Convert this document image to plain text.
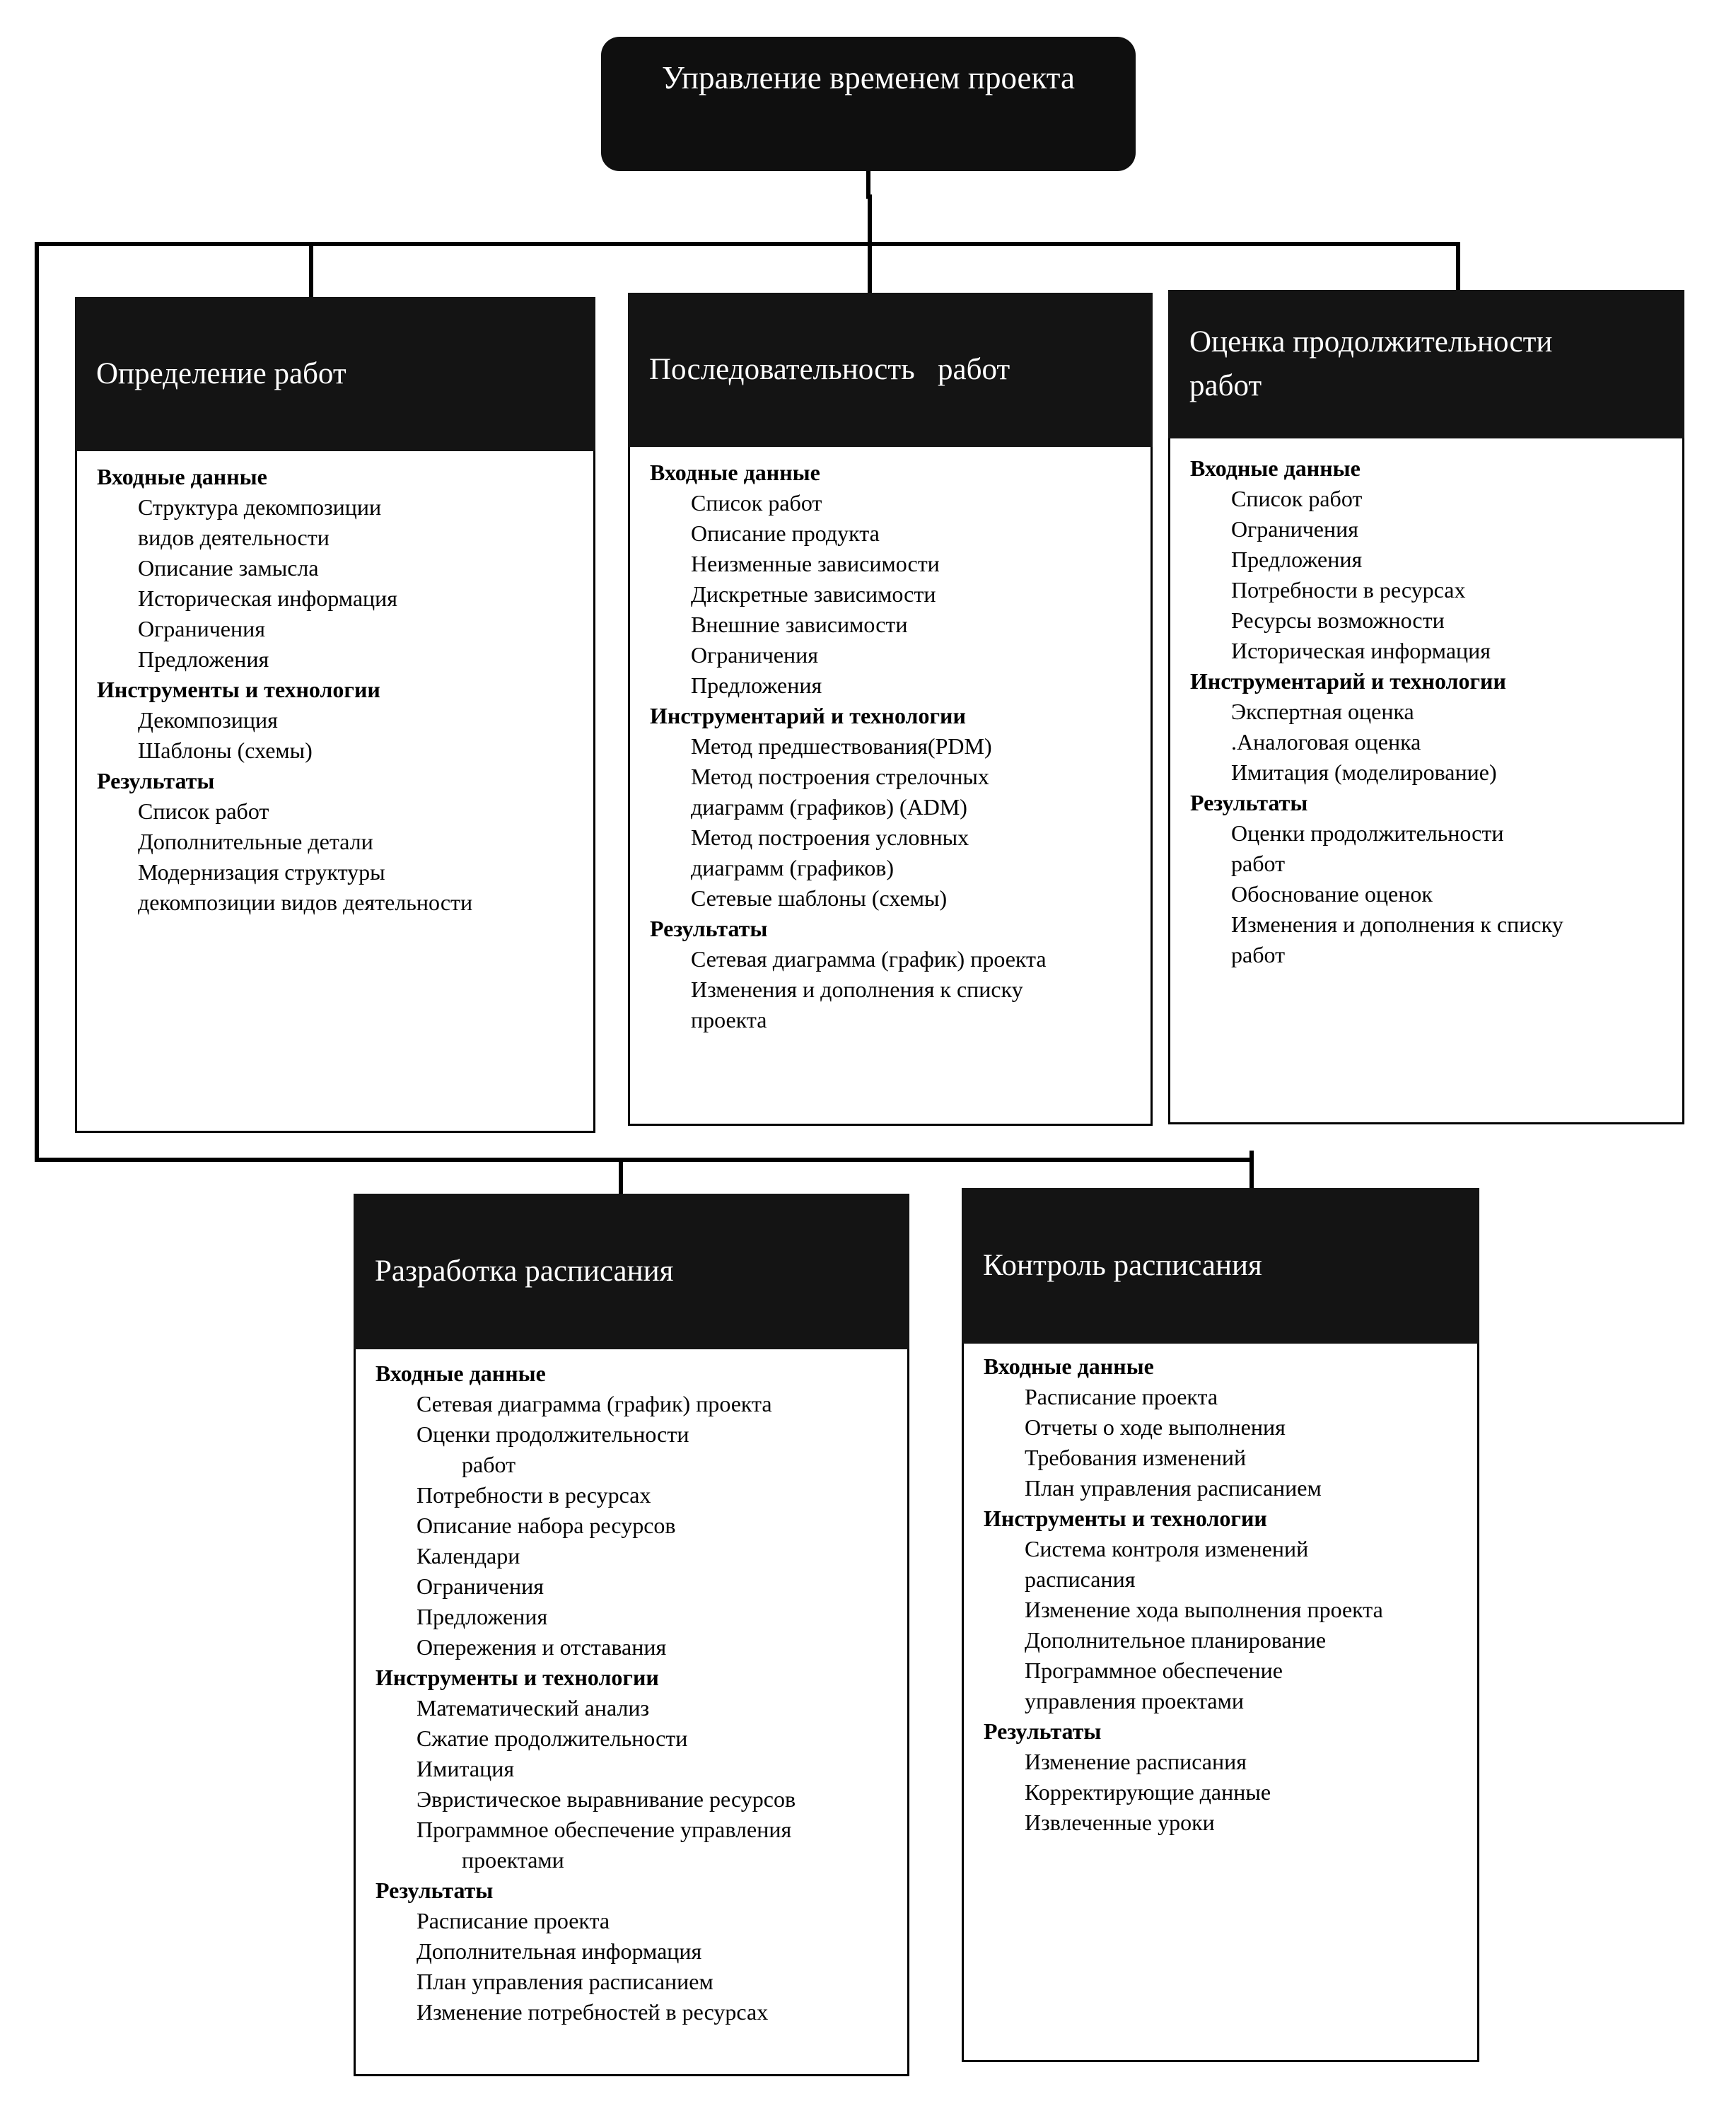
Управление временем проекта
Определение работ
Входные данные
Структура декомпозиции
видов деятельности
Описание замысла
Историческая информация
Ограничения
Предложения
Инструменты и технологии
Декомпозиция
Шаблоны (схемы)
Результаты
Список работ
Дополнительные детали
Модернизация структуры
декомпозиции видов деятельности

Последовательность   работ

Входные данные
Список работ
Описание продукта
Неизменные зависимости
Дискретные зависимости
Внешние зависимости
Ограничения
Предложения
Инструментарий и технологии
Метод предшествования(PDM)
Метод построения стрелочных
диаграмм (графиков) (ADM)
Метод построения условных
диаграмм (графиков)
Сетевые шаблоны (схемы)
Результаты
Сетевая диаграмма (график) проекта
Изменения и дополнения к списку
проекта
Оценка продолжительности
работ
Входные данные
Список работ
Ограничения
Предложения
Потребности в ресурсах
Ресурсы возможности
Историческая информация
Инструментарий и технологии
Экспертная оценка
.Аналоговая оценка
Имитация (моделирование)
Результаты
Оценки продолжительности
работ
Обоснование оценок
Изменения и дополнения к списку
работ
Разработка расписания
Входные данные
Сетевая диаграмма (график) проекта
Оценки продолжительности
работ
Потребности в ресурсах
Описание набора ресурсов
Календари
Ограничения
Предложения
Опережения и отставания
Инструменты и технологии
Математический анализ
Сжатие продолжительности
Имитация
Эвристическое выравнивание ресурсов
Программное обеспечение управления
проектами
Результаты
Расписание проекта
Дополнительная информация
План управления расписанием
Изменение потребностей в ресурсах
Контроль расписания
Входные данные
Расписание проекта
Отчеты о ходе выполнения
Требования изменений
План управления расписанием
Инструменты и технологии
Система контроля изменений
расписания
Изменение хода выполнения проекта
Дополнительное планирование
Программное обеспечение
управления проектами
Результаты
Изменение расписания
Корректирующие данные
Извлеченные уроки
